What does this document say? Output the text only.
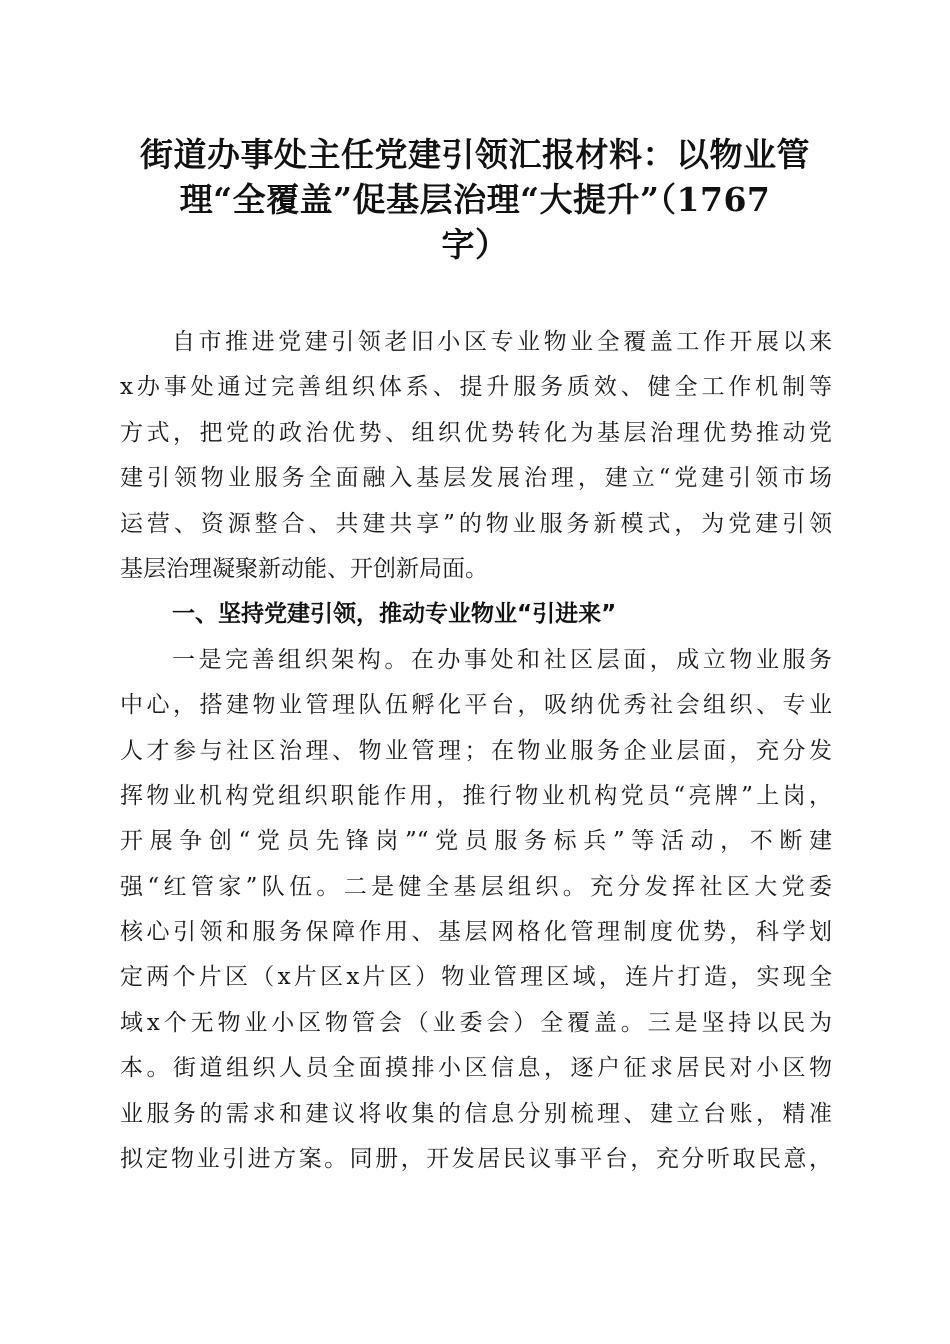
街道办事处主任党建引领汇报材料：以物业管
理“全覆盖”促基层治理“大提升”（1767
字）
自市推进党建引领老旧小区专业物业全覆盖工作开展以来
x办事处通过完善组织体系、提升服务质效、健全工作机制等
方式，把党的政治优势、组织优势转化为基层治理优势推动党
建引领物业服务全面融入基层发展治理，建立“党建引领市场
运营、资源整合、共建共享”的物业服务新模式，为党建引领
基层治理凝聚新动能、开创新局面。
一、坚持党建引领，推动专业物业“引进来”
一是完善组织架构。在办事处和社区层面，成立物业服务
中心，搭建物业管理队伍孵化平台，吸纳优秀社会组织、专业
人才参与社区治理、物业管理；在物业服务企业层面，充分发
挥物业机构党组织职能作用，推行物业机构党员“亮牌”上岗，
开展争创“党员先锋岗”“党员服务标兵”等活动，不断建
强“红管家”队伍。二是健全基层组织。充分发挥社区大党委
核心引领和服务保障作用、基层网格化管理制度优势，科学划
定两个片区（x片区x片区）物业管理区域，连片打造，实现全
域x个无物业小区物管会（业委会）全覆盖。三是坚持以民为
本。街道组织人员全面摸排小区信息，逐户征求居民对小区物
业服务的需求和建议将收集的信息分别梳理、建立台账，精准
拟定物业引进方案。同册，开发居民议事平台，充分听取民意，
